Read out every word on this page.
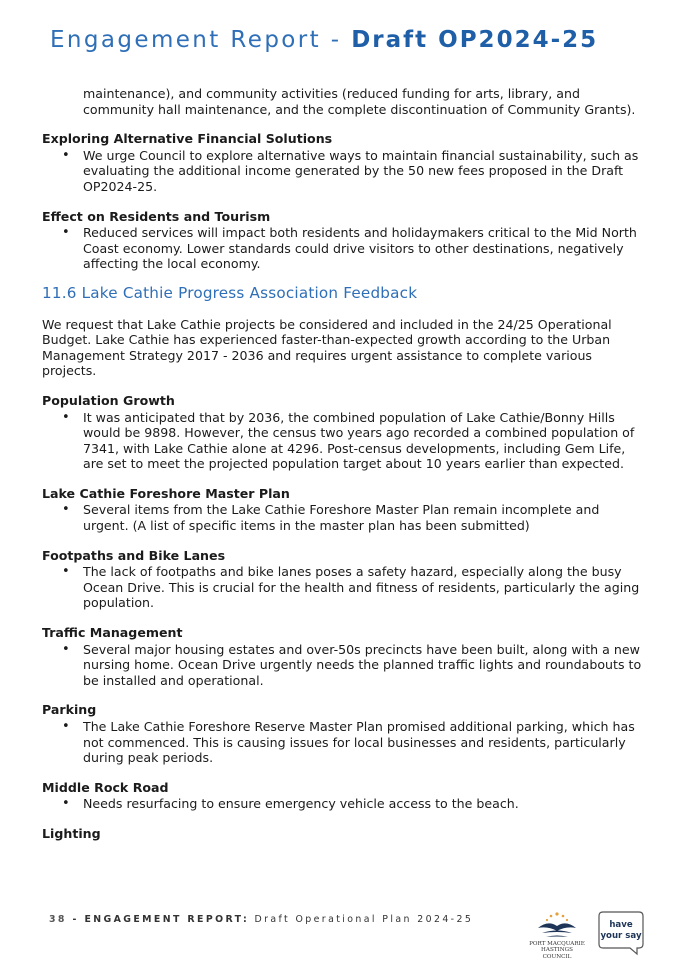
Engagement Report - Draft OP2024-25

maintenance), and community activities (reduced funding for arts, library, and community hall maintenance, and the complete discontinuation of Community Grants).

Exploring Alternative Financial Solutions
• We urge Council to explore alternative ways to maintain financial sustainability, such as evaluating the additional income generated by the 50 new fees proposed in the Draft OP2024-25.
Effect on Residents and Tourism
• Reduced services will impact both residents and holidaymakers critical to the Mid North Coast economy. Lower standards could drive visitors to other destinations, negatively affecting the local economy.
11.6 Lake Cathie Progress Association Feedback

We request that Lake Cathie projects be considered and included in the 24/25 Operational Budget. Lake Cathie has experienced faster-than-expected growth according to the Urban Management Strategy 2017 - 2036 and requires urgent assistance to complete various projects.

Population Growth
• It was anticipated that by 2036, the combined population of Lake Cathie/Bonny Hills would be 9898. However, the census two years ago recorded a combined population of 7341, with Lake Cathie alone at 4296. Post-census developments, including Gem Life, are set to meet the projected population target about 10 years earlier than expected.
Lake Cathie Foreshore Master Plan
• Several items from the Lake Cathie Foreshore Master Plan remain incomplete and urgent. (A list of specific items in the master plan has been submitted)
Footpaths and Bike Lanes
• The lack of footpaths and bike lanes poses a safety hazard, especially along the busy Ocean Drive. This is crucial for the health and fitness of residents, particularly the aging population.
Traffic Management
• Several major housing estates and over-50s precincts have been built, along with a new nursing home. Ocean Drive urgently needs the planned traffic lights and roundabouts to be installed and operational.
Parking
• The Lake Cathie Foreshore Reserve Master Plan promised additional parking, which has not commenced. This is causing issues for local businesses and residents, particularly during peak periods.
Middle Rock Road
• Needs resurfacing to ensure emergency vehicle access to the beach.
Lighting
38 - ENGAGEMENT REPORT: Draft Operational Plan 2024-25
PORT MACQUARIE
HASTINGS COUNCIL
have
your say
